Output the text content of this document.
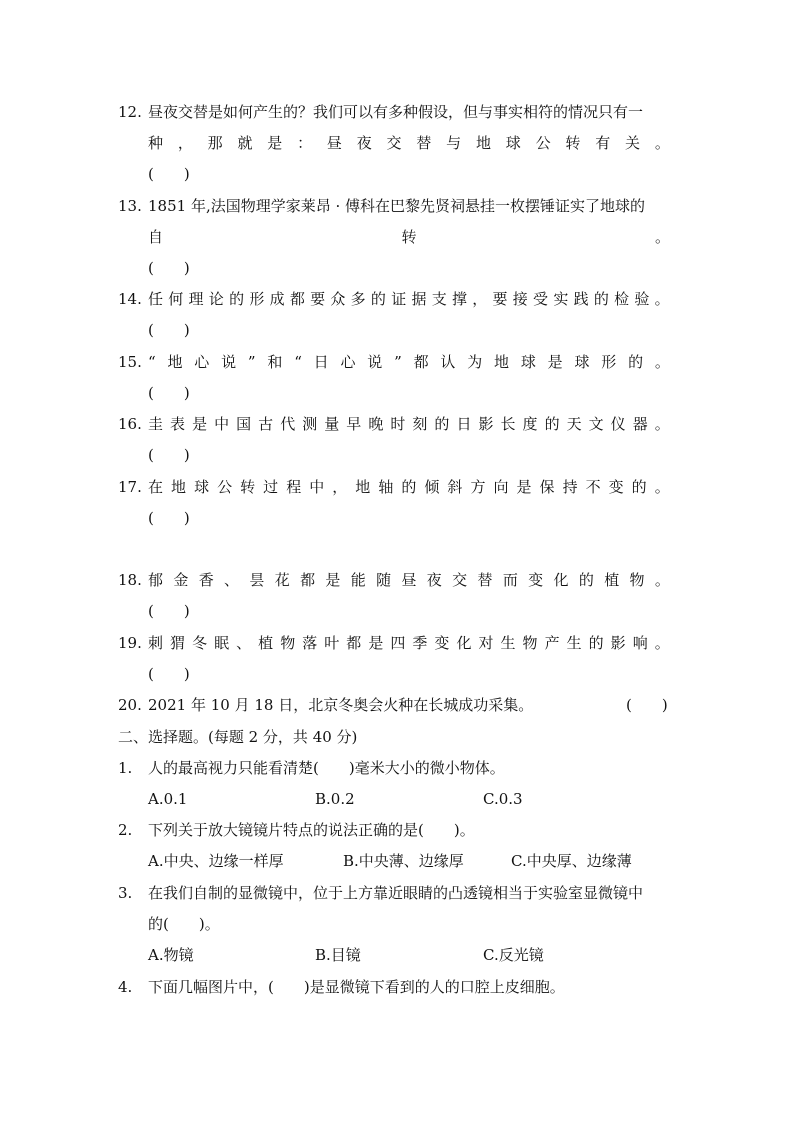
12. 昼夜交替是如何产生的？我们可以有多种假设，但与事实相符的情况只有一
种 ， 那 就 是 ： 昼 夜 交 替 与 地 球 公 转 有 关 。
(　　)
13. 1851 年,法国物理学家莱昂 · 傅科在巴黎先贤祠悬挂一枚摆锤证实了地球的
自	转	。
(　　)
14. 任 何 理 论 的 形 成 都 要 众 多 的 证 据 支 撑 ， 要 接 受 实 践 的 检 验 。
(　　)
15. “ 地 心 说 ” 和 “ 日 心 说 ” 都 认 为 地 球 是 球 形 的 。
(　　)
16. 圭 表 是 中 国 古 代 测 量 早 晚 时 刻 的 日 影 长 度 的 天 文 仪 器 。
(　　)
17. 在 地 球 公 转 过 程 中 ， 地 轴 的 倾 斜 方 向 是 保 持 不 变 的 。
(　　)
18. 郁 金 香 、 昙 花 都 是 能 随 昼 夜 交 替 而 变 化 的 植 物 。
(　　)
19. 刺 猬 冬 眠 、 植 物 落 叶 都 是 四 季 变 化 对 生 物 产 生 的 影 响 。
(　　)
20. 2021 年 10 月 18 日，北京冬奥会火种在长城成功采集。	(　　)
二、选择题。(每题 2 分，共 40 分)
1.	人的最高视力只能看清楚(　　)毫米大小的微小物体。
A.0.1	B.0.2	C.0.3
2.	下列关于放大镜镜片特点的说法正确的是(　　)。
A.中央、边缘一样厚	B.中央薄、边缘厚	C.中央厚、边缘薄
3.	在我们自制的显微镜中，位于上方靠近眼睛的凸透镜相当于实验室显微镜中
的(　　)。
A.物镜	B.目镜	C.反光镜
4.	下面几幅图片中，(　　)是显微镜下看到的人的口腔上皮细胞。
